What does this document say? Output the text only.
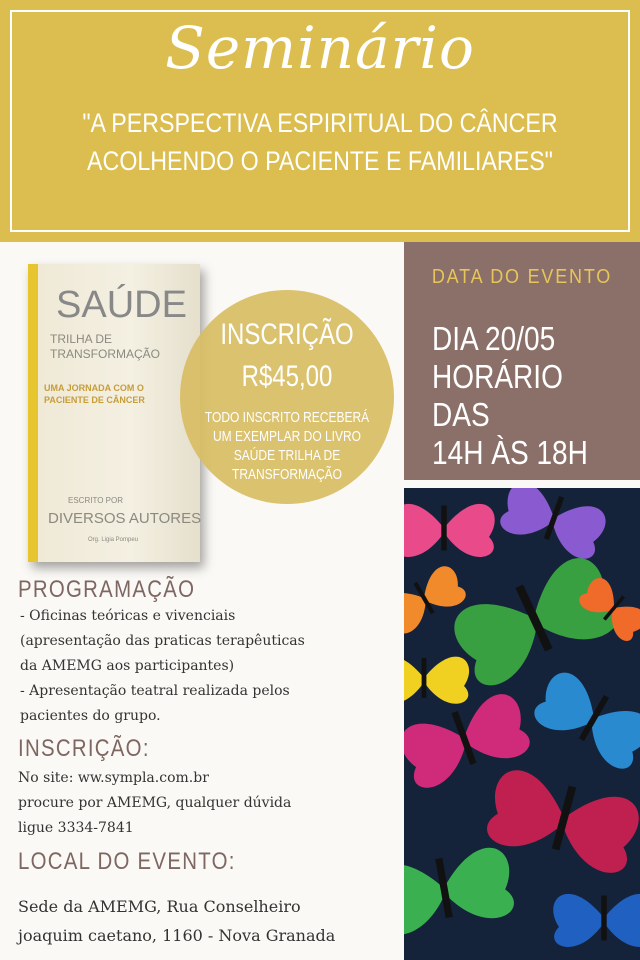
Seminário
"A PERSPECTIVA ESPIRITUAL DO CÂNCER
ACOLHENDO O PACIENTE E FAMILIARES"
DATA DO EVENTO
DIA 20/05
HORÁRIO DAS
14H ÀS 18H
SAÚDE
TRILHA DE TRANSFORMAÇÃO
UMA JORNADA COM O PACIENTE DE CÂNCER
ESCRITO POR
DIVERSOS AUTORES
Org. Ligia Pompeu
INSCRIÇÃO
R$45,00
TODO INSCRITO RECEBERÁ
UM EXEMPLAR DO LIVRO
SAÚDE TRILHA DE
TRANSFORMAÇÃO
PROGRAMAÇÃO
- Oficinas teóricas e vivenciais
(apresentação das praticas terapêuticas
da AMEMG aos participantes)
- Apresentação teatral realizada pelos
pacientes do grupo.
INSCRIÇÃO:
No site: ww.sympla.com.br
procure por AMEMG, qualquer dúvida
ligue 3334-7841
LOCAL DO EVENTO:
Sede da AMEMG, Rua Conselheiro
joaquim caetano, 1160 - Nova Granada
